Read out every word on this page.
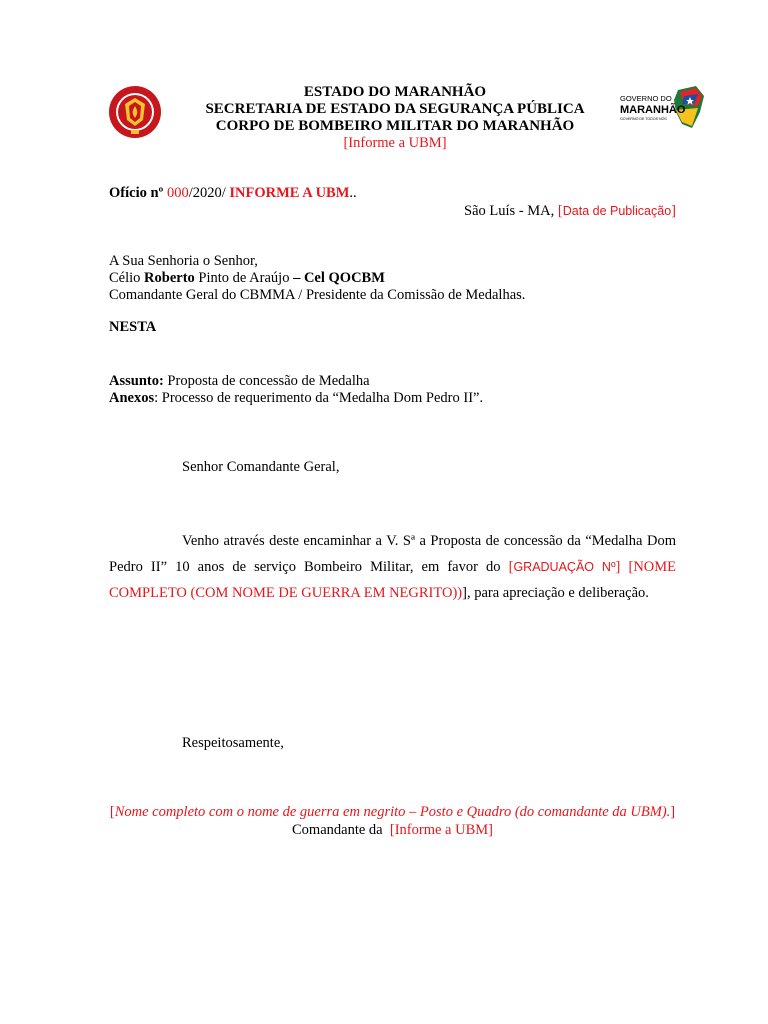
ESTADO DO MARANHÃO
SECRETARIA DE ESTADO DA SEGURANÇA PÚBLICA
CORPO DE BOMBEIRO MILITAR DO MARANHÃO
[Informe a UBM]
GOVERNO DO
MARANHÃO
GOVERNO DE TODOS NÓS
Ofício nº 000/2020/ INFORME A UBM..
São Luís - MA, [Data de Publicação]
A Sua Senhoria o Senhor,
Célio Roberto Pinto de Araújo – Cel QOCBM
Comandante Geral do CBMMA / Presidente da Comissão de Medalhas.
NESTA
Assunto: Proposta de concessão de Medalha
Anexos: Processo de requerimento da “Medalha Dom Pedro II”.
Senhor Comandante Geral,
Venho através deste encaminhar a V. Sª a Proposta de concessão da “Medalha Dom Pedro II” 10 anos de serviço Bombeiro Militar, em favor do [GRADUAÇÃO Nº] [NOME COMPLETO (COM NOME DE GUERRA EM NEGRITO))], para apreciação e deliberação.
Respeitosamente,
[Nome completo com o nome de guerra em negrito – Posto e Quadro (do comandante da UBM).]
Comandante da [Informe a UBM]
